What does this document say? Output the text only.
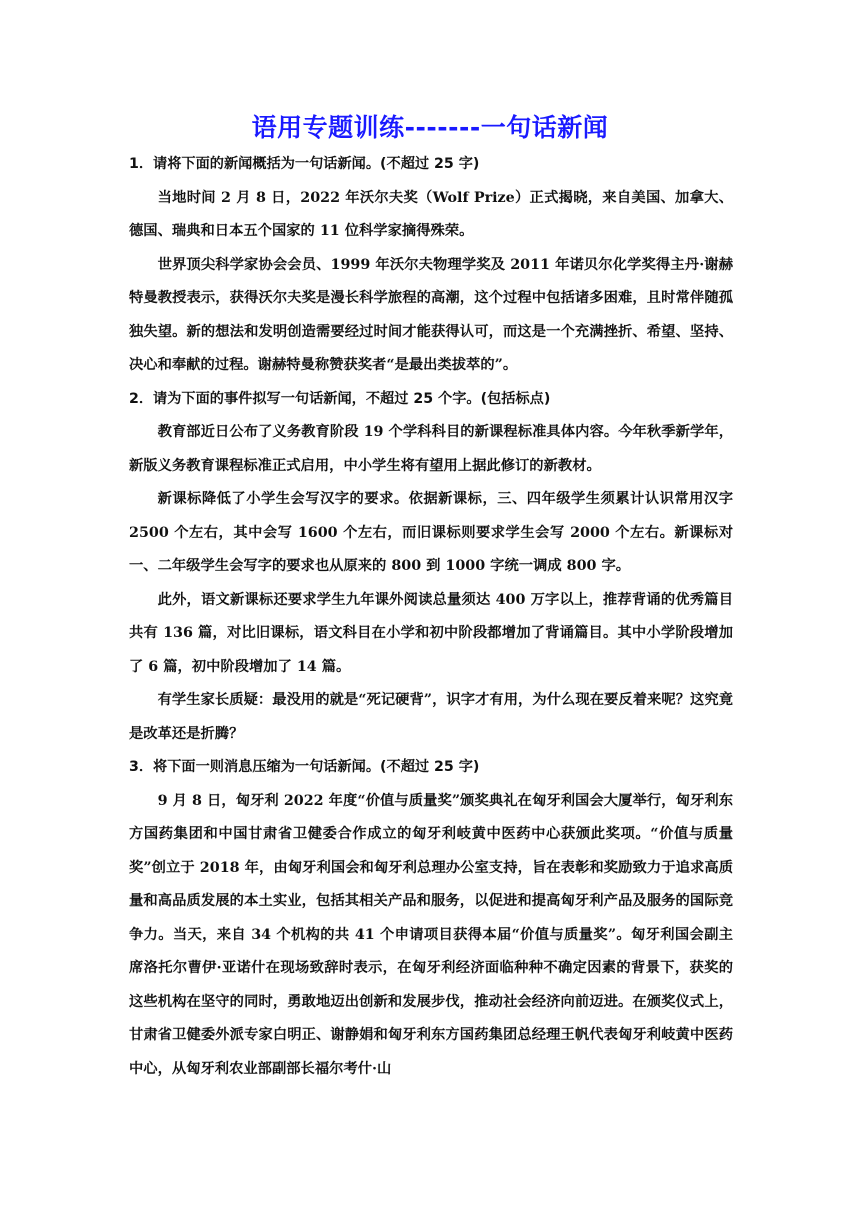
语用专题训练-------一句话新闻

1．请将下面的新闻概括为一句话新闻。(不超过 25 字)

当地时间 2 月 8 日，2022 年沃尔夫奖（Wolf Prize）正式揭晓，来自美国、加拿大、德国、瑞典和日本五个国家的 11 位科学家摘得殊荣。

世界顶尖科学家协会会员、1999 年沃尔夫物理学奖及 2011 年诺贝尔化学奖得主丹·谢赫特曼教授表示，获得沃尔夫奖是漫长科学旅程的高潮，这个过程中包括诸多困难，且时常伴随孤独失望。新的想法和发明创造需要经过时间才能获得认可，而这是一个充满挫折、希望、坚持、决心和奉献的过程。谢赫特曼称赞获奖者“是最出类拔萃的”。

2．请为下面的事件拟写一句话新闻，不超过 25 个字。(包括标点)

教育部近日公布了义务教育阶段 19 个学科科目的新课程标准具体内容。今年秋季新学年，新版义务教育课程标准正式启用，中小学生将有望用上据此修订的新教材。

新课标降低了小学生会写汉字的要求。依据新课标，三、四年级学生须累计认识常用汉字 2500 个左右，其中会写 1600 个左右，而旧课标则要求学生会写 2000 个左右。新课标对一、二年级学生会写字的要求也从原来的 800 到 1000 字统一调成 800 字。

此外，语文新课标还要求学生九年课外阅读总量须达 400 万字以上，推荐背诵的优秀篇目共有 136 篇，对比旧课标，语文科目在小学和初中阶段都增加了背诵篇目。其中小学阶段增加了 6 篇，初中阶段增加了 14 篇。

有学生家长质疑：最没用的就是“死记硬背”，识字才有用，为什么现在要反着来呢？这究竟是改革还是折腾？

3．将下面一则消息压缩为一句话新闻。(不超过 25 字)

9 月 8 日，匈牙利 2022 年度“价值与质量奖”颁奖典礼在匈牙利国会大厦举行，匈牙利东方国药集团和中国甘肃省卫健委合作成立的匈牙利岐黄中医药中心获颁此奖项。“价值与质量奖”创立于 2018 年，由匈牙利国会和匈牙利总理办公室支持，旨在表彰和奖励致力于追求高质量和高品质发展的本土实业，包括其相关产品和服务，以促进和提高匈牙利产品及服务的国际竞争力。当天，来自 34 个机构的共 41 个申请项目获得本届“价值与质量奖”。匈牙利国会副主席洛托尔曹伊·亚诺什在现场致辞时表示，在匈牙利经济面临种种不确定因素的背景下，获奖的这些机构在坚守的同时，勇敢地迈出创新和发展步伐，推动社会经济向前迈进。在颁奖仪式上，甘肃省卫健委外派专家白明正、谢静娟和匈牙利东方国药集团总经理王帆代表匈牙利岐黄中医药中心，从匈牙利农业部副部长福尔考什·山
